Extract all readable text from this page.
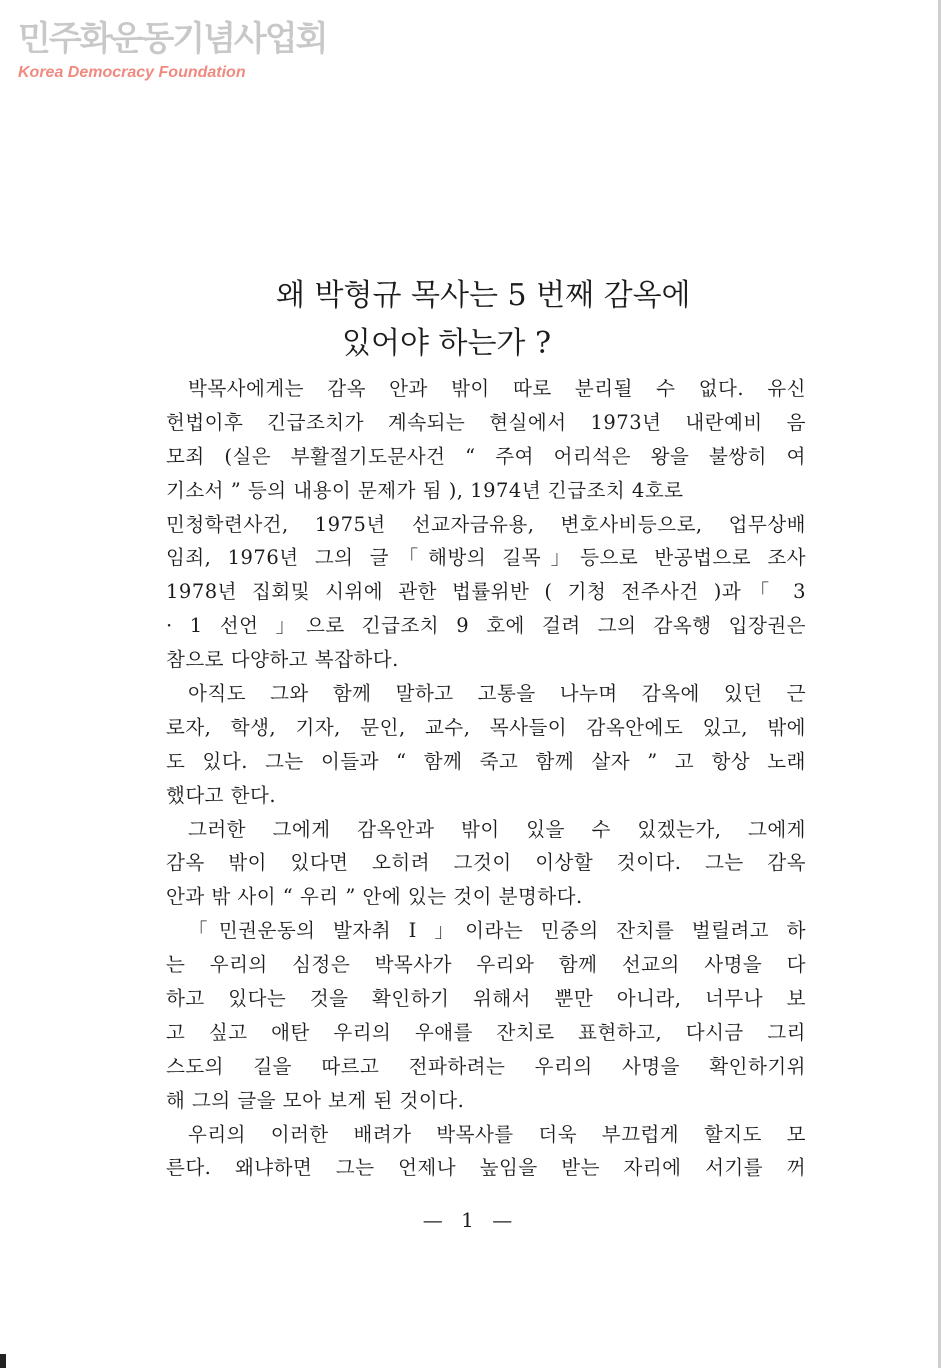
민주화운동기념사업회
Korea Democracy Foundation
왜 박형규 목사는 5 번째 감옥에
있어야 하는가 ?
박목사에게는 감옥 안과 밖이 따로 분리될 수 없다. 유신
헌법이후 긴급조치가 계속되는 현실에서 1973년 내란예비 음
모죄 (실은 부활절기도문사건 “ 주여 어리석은 왕을 불쌍히 여
기소서 ” 등의 내용이 문제가 됨 ), 1974년 긴급조치 4호로
민청학련사건, 1975년 선교자금유용, 변호사비등으로, 업무상배
임죄, 1976년 그의 글「해방의 길목」등으로 반공법으로 조사
1978년 집회및 시위에 관한 법률위반 ( 기청 전주사건 )과「 3
· 1 선언 」으로 긴급조치 9 호에 걸려 그의 감옥행 입장권은
참으로 다양하고 복잡하다.
아직도 그와 함께 말하고 고통을 나누며 감옥에 있던 근
로자, 학생, 기자, 문인, 교수, 목사들이 감옥안에도 있고, 밖에
도 있다. 그는 이들과 “ 함께 죽고 함께 살자 ” 고 항상 노래
했다고 한다.
그러한 그에게 감옥안과 밖이 있을 수 있겠는가, 그에게
감옥 밖이 있다면 오히려 그것이 이상할 것이다. 그는 감옥
안과 밖 사이 “ 우리 ” 안에 있는 것이 분명하다.
「민권운동의 발자취 I 」이라는 민중의 잔치를 벌릴려고 하
는 우리의 심정은 박목사가 우리와 함께 선교의 사명을 다
하고 있다는 것을 확인하기 위해서 뿐만 아니라, 너무나 보
고 싶고 애탄 우리의 우애를 잔치로 표현하고, 다시금 그리
스도의 길을 따르고 전파하려는 우리의 사명을 확인하기위
해 그의 글을 모아 보게 된 것이다.
우리의 이러한 배려가 박목사를 더욱 부끄럽게 할지도 모
른다. 왜냐하면 그는 언제나 높임을 받는 자리에 서기를 꺼
— 1 —
